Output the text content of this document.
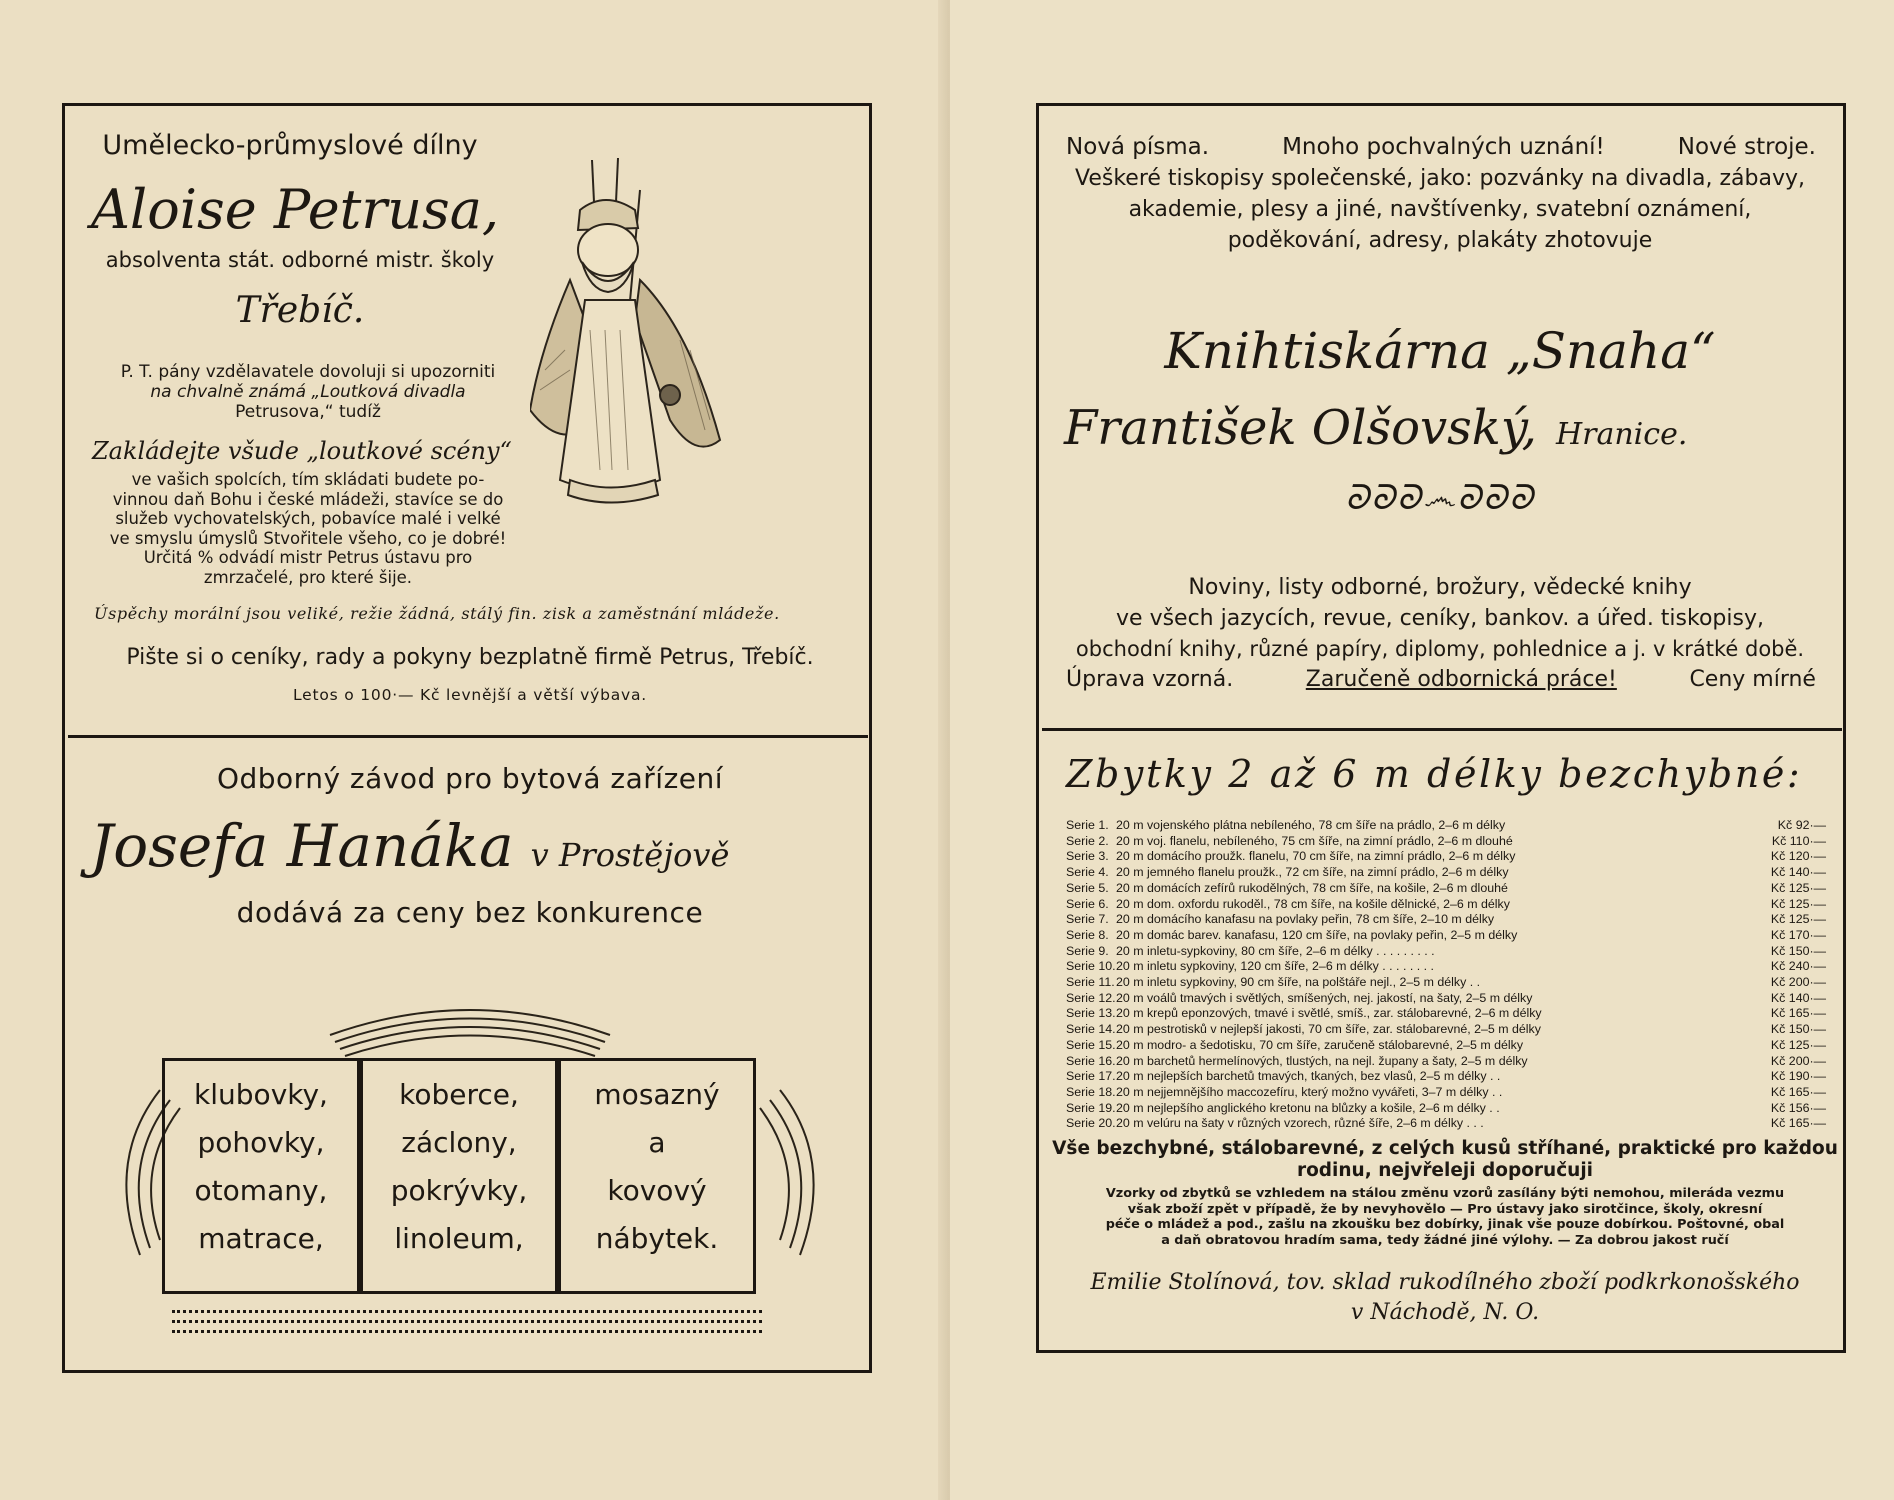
Umělecko-průmyslové dílny
Aloise Petrusa,
absolventa stát. odborné mistr. školy
Třebíč.
P. T. pány vzdělavatele dovoluji si upozorniti
na chvalně známá „Loutková divadla
Petrusova,“ tudíž
Zakládejte všude „loutkové scény“
ve vašich spolcích, tím skládati budete po-
vinnou daň Bohu i české mládeži, stavíce se do
služeb vychovatelských, pobavíce malé i velké
ve smyslu úmyslů Stvořitele všeho, co je dobré!
Určitá % odvádí mistr Petrus ústavu pro
zmrzačelé, pro které šije.
Úspěchy morální jsou veliké, režie žádná, stálý fin. zisk a zaměstnání mládeže.
Pište si o ceníky, rady a pokyny bezplatně firmě Petrus, Třebíč.
Letos o 100·— Kč levnější a větší výbava.
Odborný závod pro bytová zařízení
Josefa Hanáka v Prostějově
dodává za ceny bez konkurence
klubovky,
pohovky,
otomany,
matrace,
koberce,
záclony,
pokrývky,
linoleum,
mosazný
a
kovový
nábytek.
Nová písma.	Mnoho pochvalných uznání!	Nové stroje.
Veškeré tiskopisy společenské, jako: pozvánky na divadla, zábavy,
akademie, plesy a jiné, navštívenky, svatební oznámení,
poděkování, adresy, plakáty zhotovuje
Knihtiskárna „Snaha“
František Olšovský, Hranice.
ᘐᘐᘐ෴ᘐᘐᘐ
Noviny, listy odborné, brožury, vědecké knihy
ve všech jazycích, revue, ceníky, bankov. a úřed. tiskopisy,
obchodní knihy, různé papíry, diplomy, pohlednice a j. v krátké době.
Úprava vzorná.	Zaručeně odbornická práce!	Ceny mírné
Zbytky 2 až 6 m délky bezchybné:
Serie 1.	20 m vojenského plátna nebíleného, 78 cm šíře na prádlo, 2–6 m délky	Kč 92·—
Serie 2.	20 m voj. flanelu, nebíleného, 75 cm šíře, na zimní prádlo, 2–6 m dlouhé	Kč 110·—
Serie 3.	20 m domácího proužk. flanelu, 70 cm šíře, na zimní prádlo, 2–6 m délky	Kč 120·—
Serie 4.	20 m jemného flanelu proužk., 72 cm šíře, na zimní prádlo, 2–6 m délky	Kč 140·—
Serie 5.	20 m domácích zefírů rukodělných, 78 cm šíře, na košile, 2–6 m dlouhé	Kč 125·—
Serie 6.	20 m dom. oxfordu rukoděl., 78 cm šíře, na košile dělnické, 2–6 m délky	Kč 125·—
Serie 7.	20 m domácího kanafasu na povlaky peřin, 78 cm šíře, 2–10 m délky	Kč 125·—
Serie 8.	20 m domác barev. kanafasu, 120 cm šíře, na povlaky peřin, 2–5 m délky	Kč 170·—
Serie 9.	20 m inletu-sypkoviny, 80 cm šíře, 2–6 m délky . . . . . . . . .	Kč 150·—
Serie 10.	20 m inletu sypkoviny, 120 cm šíře, 2–6 m délky . . . . . . . .	Kč 240·—
Serie 11.	20 m inletu sypkoviny, 90 cm šíře, na polštáře nejl., 2–5 m délky . .	Kč 200·—
Serie 12.	20 m voálů tmavých i světlých, smíšených, nej. jakostí, na šaty, 2–5 m délky	Kč 140·—
Serie 13.	20 m krepů eponzových, tmavé i světlé, smíš., zar. stálobarevné, 2–6 m délky	Kč 165·—
Serie 14.	20 m pestrotisků v nejlepší jakosti, 70 cm šíře, zar. stálobarevné, 2–5 m délky	Kč 150·—
Serie 15.	20 m modro- a šedotisku, 70 cm šíře, zaručeně stálobarevné, 2–5 m délky	Kč 125·—
Serie 16.	20 m barchetů hermelínových, tlustých, na nejl. župany a šaty, 2–5 m délky	Kč 200·—
Serie 17.	20 m nejlepších barchetů tmavých, tkaných, bez vlasů, 2–5 m délky . .	Kč 190·—
Serie 18.	20 m nejjemnějšího maccozefíru, který možno vyvářeti, 3–7 m délky . .	Kč 165·—
Serie 19.	20 m nejlepšího anglického kretonu na blůzky a košile, 2–6 m délky . .	Kč 156·—
Serie 20.	20 m velúru na šaty v různých vzorech, různé šíře, 2–6 m délky . . .	Kč 165·—
Vše bezchybné, stálobarevné, z celých kusů stříhané, praktické pro každou
rodinu, nejvřeleji doporučuji
Vzorky od zbytků se vzhledem na stálou změnu vzorů zasílány býti nemohou, mileráda vezmu
však zboží zpět v případě, že by nevyhovělo — Pro ústavy jako sirotčince, školy, okresní
péče o mládež a pod., zašlu na zkoušku bez dobírky, jinak vše pouze dobírkou. Poštovné, obal
a daň obratovou hradím sama, tedy žádné jiné výlohy. — Za dobrou jakost ručí
Emilie Stolínová, tov. sklad rukodílného zboží podkrkonošského
v Náchodě, N. O.
